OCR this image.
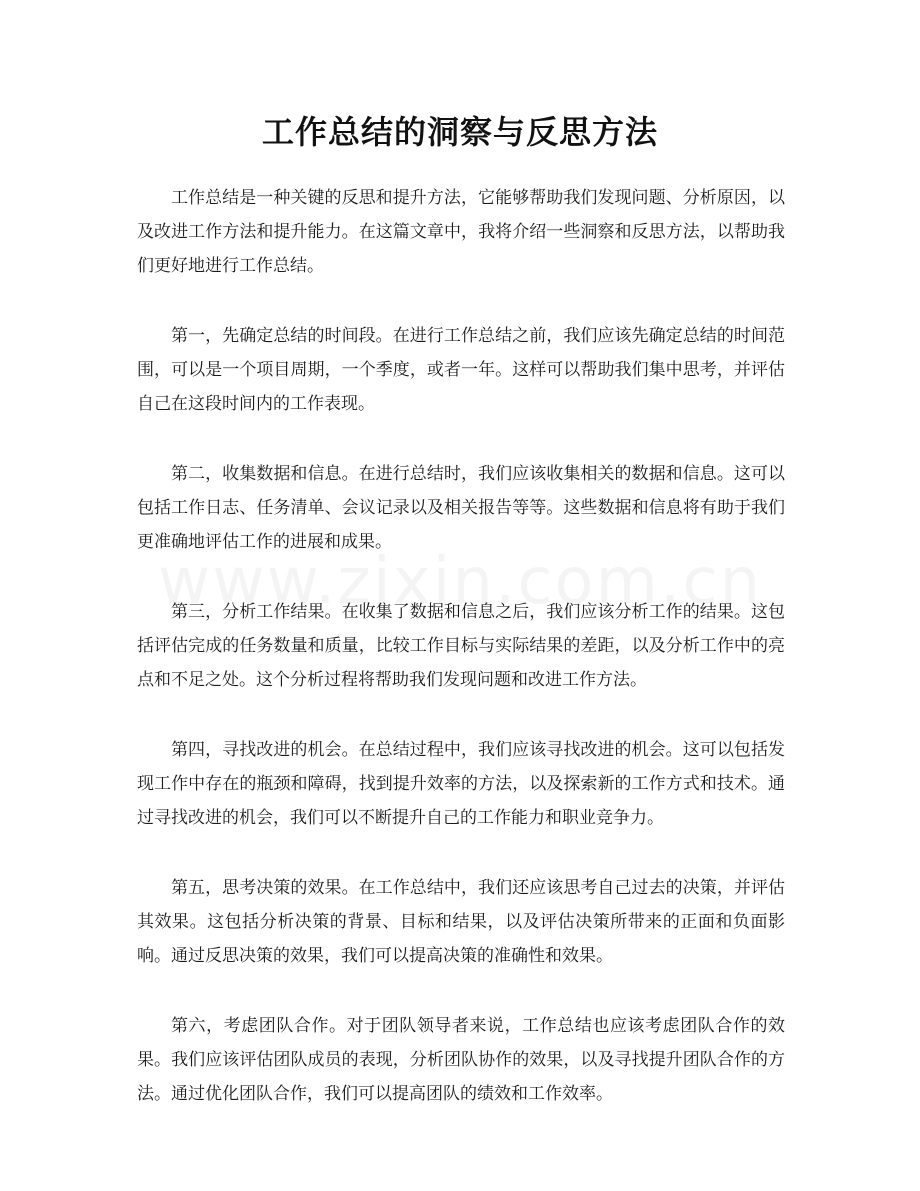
工作总结的洞察与反思方法

工作总结是一种关键的反思和提升方法，它能够帮助我们发现问题、分析原因，以及改进工作方法和提升能力。在这篇文章中，我将介绍一些洞察和反思方法，以帮助我们更好地进行工作总结。

第一，先确定总结的时间段。在进行工作总结之前，我们应该先确定总结的时间范围，可以是一个项目周期，一个季度，或者一年。这样可以帮助我们集中思考，并评估自己在这段时间内的工作表现。

第二，收集数据和信息。在进行总结时，我们应该收集相关的数据和信息。这可以包括工作日志、任务清单、会议记录以及相关报告等等。这些数据和信息将有助于我们更准确地评估工作的进展和成果。

第三，分析工作结果。在收集了数据和信息之后，我们应该分析工作的结果。这包括评估完成的任务数量和质量，比较工作目标与实际结果的差距，以及分析工作中的亮点和不足之处。这个分析过程将帮助我们发现问题和改进工作方法。

第四，寻找改进的机会。在总结过程中，我们应该寻找改进的机会。这可以包括发现工作中存在的瓶颈和障碍，找到提升效率的方法，以及探索新的工作方式和技术。通过寻找改进的机会，我们可以不断提升自己的工作能力和职业竞争力。

第五，思考决策的效果。在工作总结中，我们还应该思考自己过去的决策，并评估其效果。这包括分析决策的背景、目标和结果，以及评估决策所带来的正面和负面影响。通过反思决策的效果，我们可以提高决策的准确性和效果。

第六，考虑团队合作。对于团队领导者来说，工作总结也应该考虑团队合作的效果。我们应该评估团队成员的表现，分析团队协作的效果，以及寻找提升团队合作的方法。通过优化团队合作，我们可以提高团队的绩效和工作效率。
